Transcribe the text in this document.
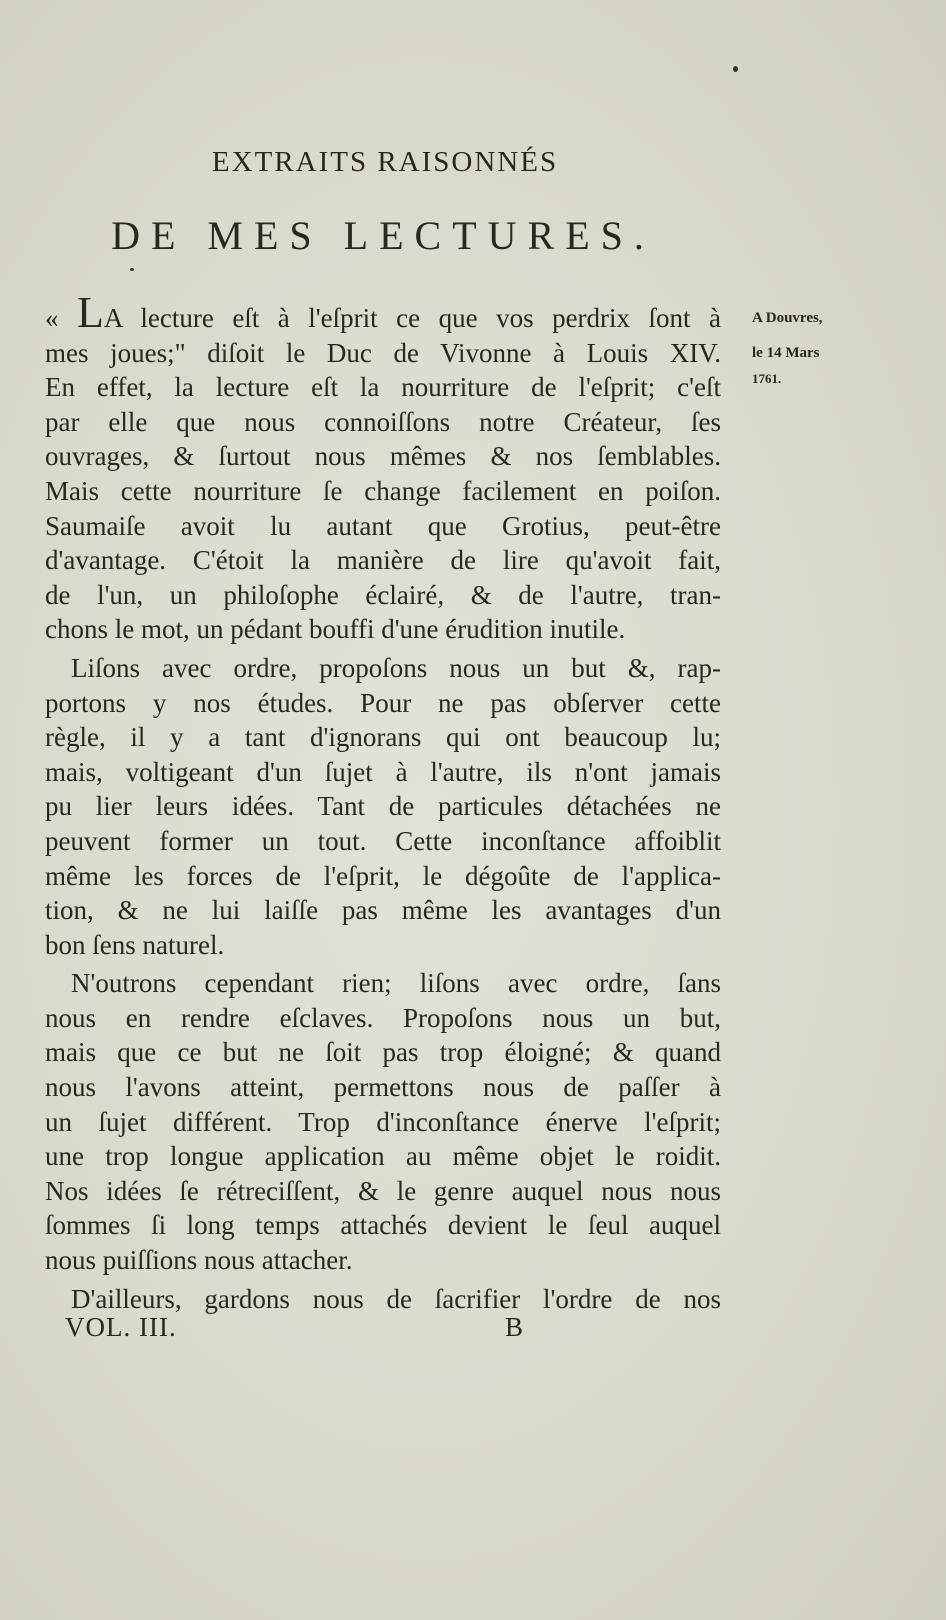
EXTRAITS RAISONNÉS
DE MES LECTURES.
A Douvres,
le 14 Mars
1761.
« LA lecture eſt à l'eſprit ce que vos perdrix ſont à
mes joues;" diſoit le Duc de Vivonne à Louis XIV.
En effet, la lecture eſt la nourriture de l'eſprit; c'eſt
par elle que nous connoiſſons notre Créateur, ſes
ouvrages, & ſurtout nous mêmes & nos ſemblables.
Mais cette nourriture ſe change facilement en poiſon.
Saumaiſe avoit lu autant que Grotius, peut-être
d'avantage. C'étoit la manière de lire qu'avoit fait,
de l'un, un philoſophe éclairé, & de l'autre, tran-
chons le mot, un pédant bouffi d'une érudition inutile.
Liſons avec ordre, propoſons nous un but &, rap-
portons y nos études. Pour ne pas obſerver cette
règle, il y a tant d'ignorans qui ont beaucoup lu;
mais, voltigeant d'un ſujet à l'autre, ils n'ont jamais
pu lier leurs idées. Tant de particules détachées ne
peuvent former un tout. Cette inconſtance affoiblit
même les forces de l'eſprit, le dégoûte de l'applica-
tion, & ne lui laiſſe pas même les avantages d'un
bon ſens naturel.
N'outrons cependant rien; liſons avec ordre, ſans
nous en rendre eſclaves. Propoſons nous un but,
mais que ce but ne ſoit pas trop éloigné; & quand
nous l'avons atteint, permettons nous de paſſer à
un ſujet différent. Trop d'inconſtance énerve l'eſprit;
une trop longue application au même objet le roidit.
Nos idées ſe rétreciſſent, & le genre auquel nous nous
ſommes ſi long temps attachés devient le ſeul auquel
nous puiſſions nous attacher.
D'ailleurs, gardons nous de ſacrifier l'ordre de nos
VOL. III.	B
